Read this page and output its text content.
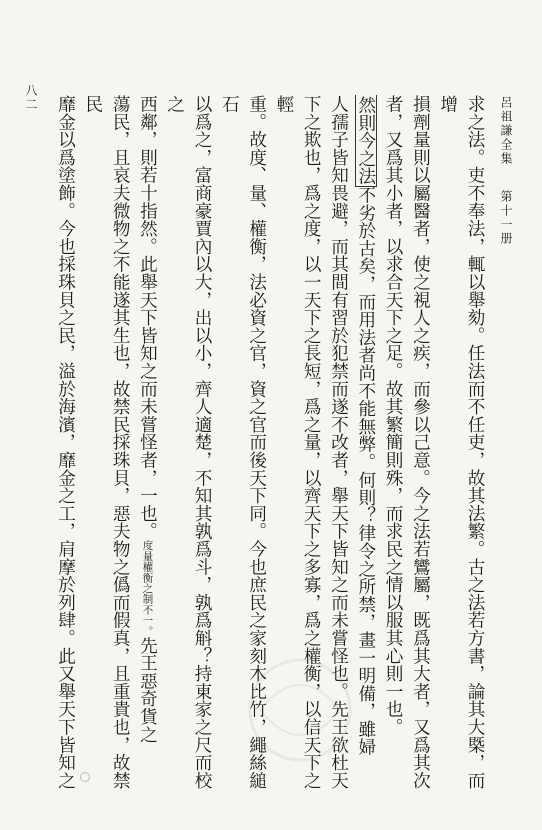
呂祖謙全集 第十一册
八二	求之法。吏不奉法，輒以舉劾。任法而不任吏，故其法繁。古之法若方書，論其大槩，而增
損劑量則以屬醫者，使之視人之疾，而參以己意。今之法若鸞屬，既爲其大者，又爲其次
者，又爲其小者，以求合天下之足。故其繁簡則殊，而求民之情以服其心則一也。
然則今之法不劣於古矣，而用法者尚不能無弊。何則？律令之所禁，畫一明備，雖婦
人孺子皆知畏避，而其間有習於犯禁而遂不改者，舉天下皆知之而未嘗怪也。先王欲杜天
下之欺也，爲之度，以一天下之長短，爲之量，以齊天下之多寡，爲之權衡，以信天下之輕
重。故度、量、權衡，法必資之官，資之官而後天下同。今也庶民之家刻木比竹，繩絲縋石
以爲之，富商豪賈內以大，出以小，齊人適楚，不知其孰爲斗，孰爲斛？持東家之尺而校之
西鄰，則若十指然。此舉天下皆知之而未嘗怪者，一也。度量權衡之制不一。先王惡奇貨之
蕩民，且哀夫微物之不能遂其生也，故禁民採珠貝，惡夫物之僞而假真，且重貴也，故禁民
靡金以爲塗飾。今也採珠貝之民，溢於海濱，靡金之工，肩摩於列肆。此又舉天下皆知之
